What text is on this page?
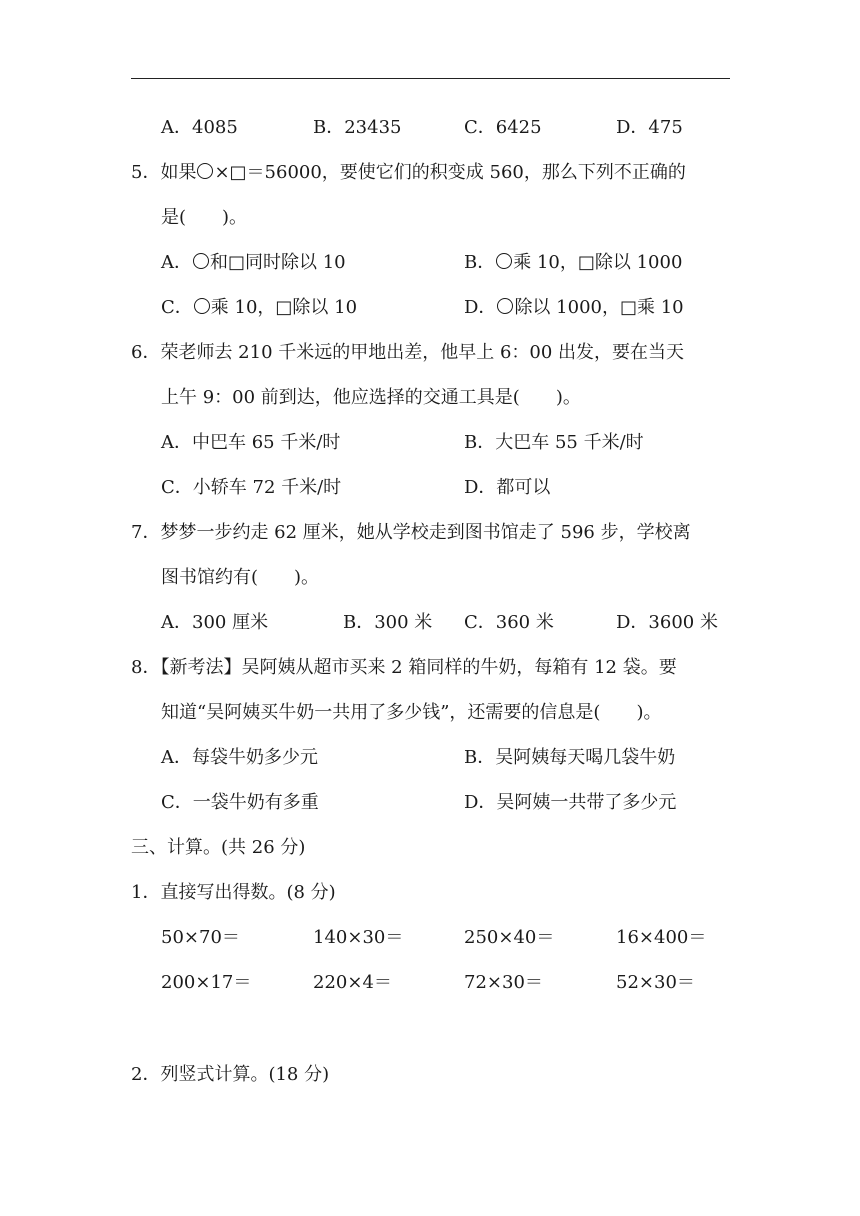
A．4085	B．23435	C．6425	D．475
5．如果 ×□＝56000，要使它们的积变成 560，那么下列不正确的
是( )。
A． 和□同时除以 10	B． 乘 10，□除以 1000
C． 乘 10，□除以 10	D． 除以 1000，□乘 10
6．荣老师去 210 千米远的甲地出差，他早上 6：00 出发，要在当天
上午 9：00 前到达，他应选择的交通工具是( )。
A．中巴车 65 千米/时	B．大巴车 55 千米/时
C．小轿车 72 千米/时	D．都可以
7．梦梦一步约走 62 厘米，她从学校走到图书馆走了 596 步，学校离
图书馆约有( )。
A．300 厘米	B．300 米 C．360 米	D．3600 米
8．【新考法】吴阿姨从超市买来 2 箱同样的牛奶，每箱有 12 袋。要
知道“吴阿姨买牛奶一共用了多少钱”，还需要的信息是( )。
A．每袋牛奶多少元	B．吴阿姨每天喝几袋牛奶
C．一袋牛奶有多重	D．吴阿姨一共带了多少元
三、计算。(共 26 分)
1．直接写出得数。(8 分)
50×70＝	140×30＝	250×40＝	16×400＝
200×17＝	220×4＝	72×30＝	52×30＝
2．列竖式计算。(18 分)
